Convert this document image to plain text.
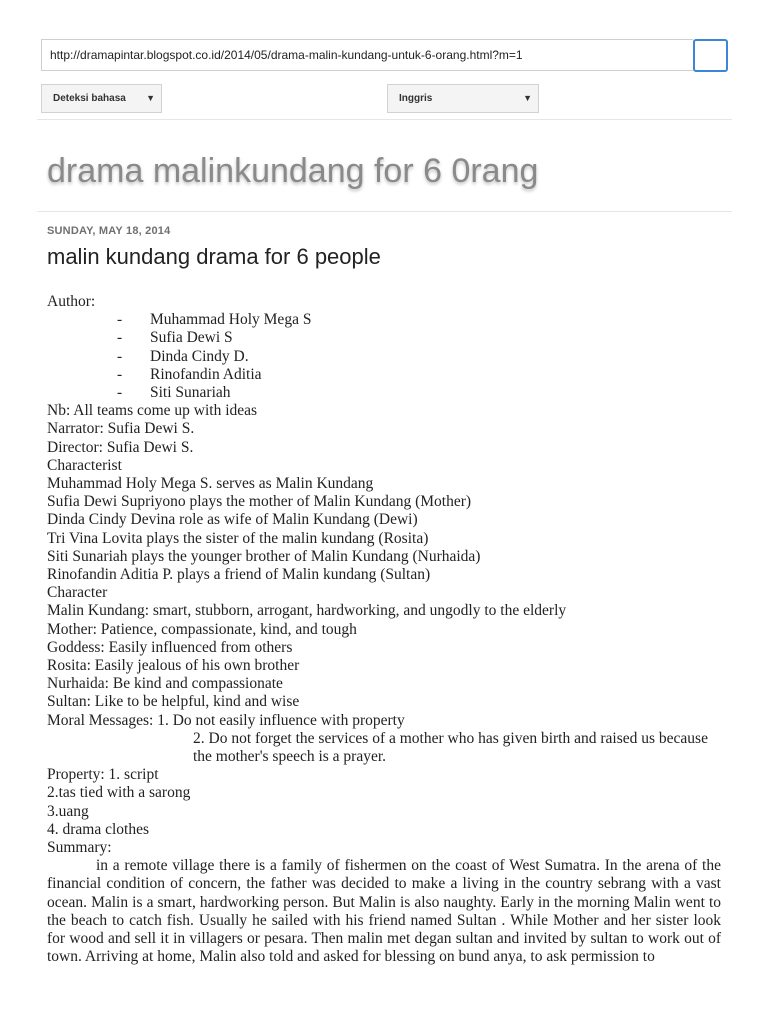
http://dramapintar.blogspot.co.id/2014/05/drama-malin-kundang-untuk-6-orang.html?m=1
Deteksi bahasa ▼	Inggris	▼
drama malinkundang for 6 0rang
SUNDAY, MAY 18, 2014
malin kundang drama for 6 people
Author:
- Muhammad Holy Mega S
- Sufia Dewi S
- Dinda Cindy D.
- Rinofandin Aditia
- Siti Sunariah
Nb: All teams come up with ideas
Narrator: Sufia Dewi S.
Director: Sufia Dewi S.
Characterist
Muhammad Holy Mega S. serves as Malin Kundang
Sufia Dewi Supriyono plays the mother of Malin Kundang (Mother)
Dinda Cindy Devina role as wife of Malin Kundang (Dewi)
Tri Vina Lovita plays the sister of the malin kundang (Rosita)
Siti Sunariah plays the younger brother of Malin Kundang (Nurhaida)
Rinofandin Aditia P. plays a friend of Malin kundang (Sultan)
Character
Malin Kundang: smart, stubborn, arrogant, hardworking, and ungodly to the elderly
Mother: Patience, compassionate, kind, and tough
Goddess: Easily influenced from others
Rosita: Easily jealous of his own brother
Nurhaida: Be kind and compassionate
Sultan: Like to be helpful, kind and wise
Moral Messages: 1. Do not easily influence with property
2. Do not forget the services of a mother who has given birth and raised us because the mother's speech is a prayer.
Property: 1. script
2.tas tied with a sarong
3.uang
4. drama clothes
Summary:
in a remote village there is a family of fishermen on the coast of West Sumatra. In the arena of the financial condition of concern, the father was decided to make a living in the country sebrang with a vast ocean. Malin is a smart, hardworking person. But Malin is also naughty. Early in the morning Malin went to the beach to catch fish. Usually he sailed with his friend named Sultan . While Mother and her sister look for wood and sell it in villagers or pesara. Then malin met degan sultan and invited by sultan to work out of town. Arriving at home, Malin also told and asked for blessing on bund anya, to ask permission to
